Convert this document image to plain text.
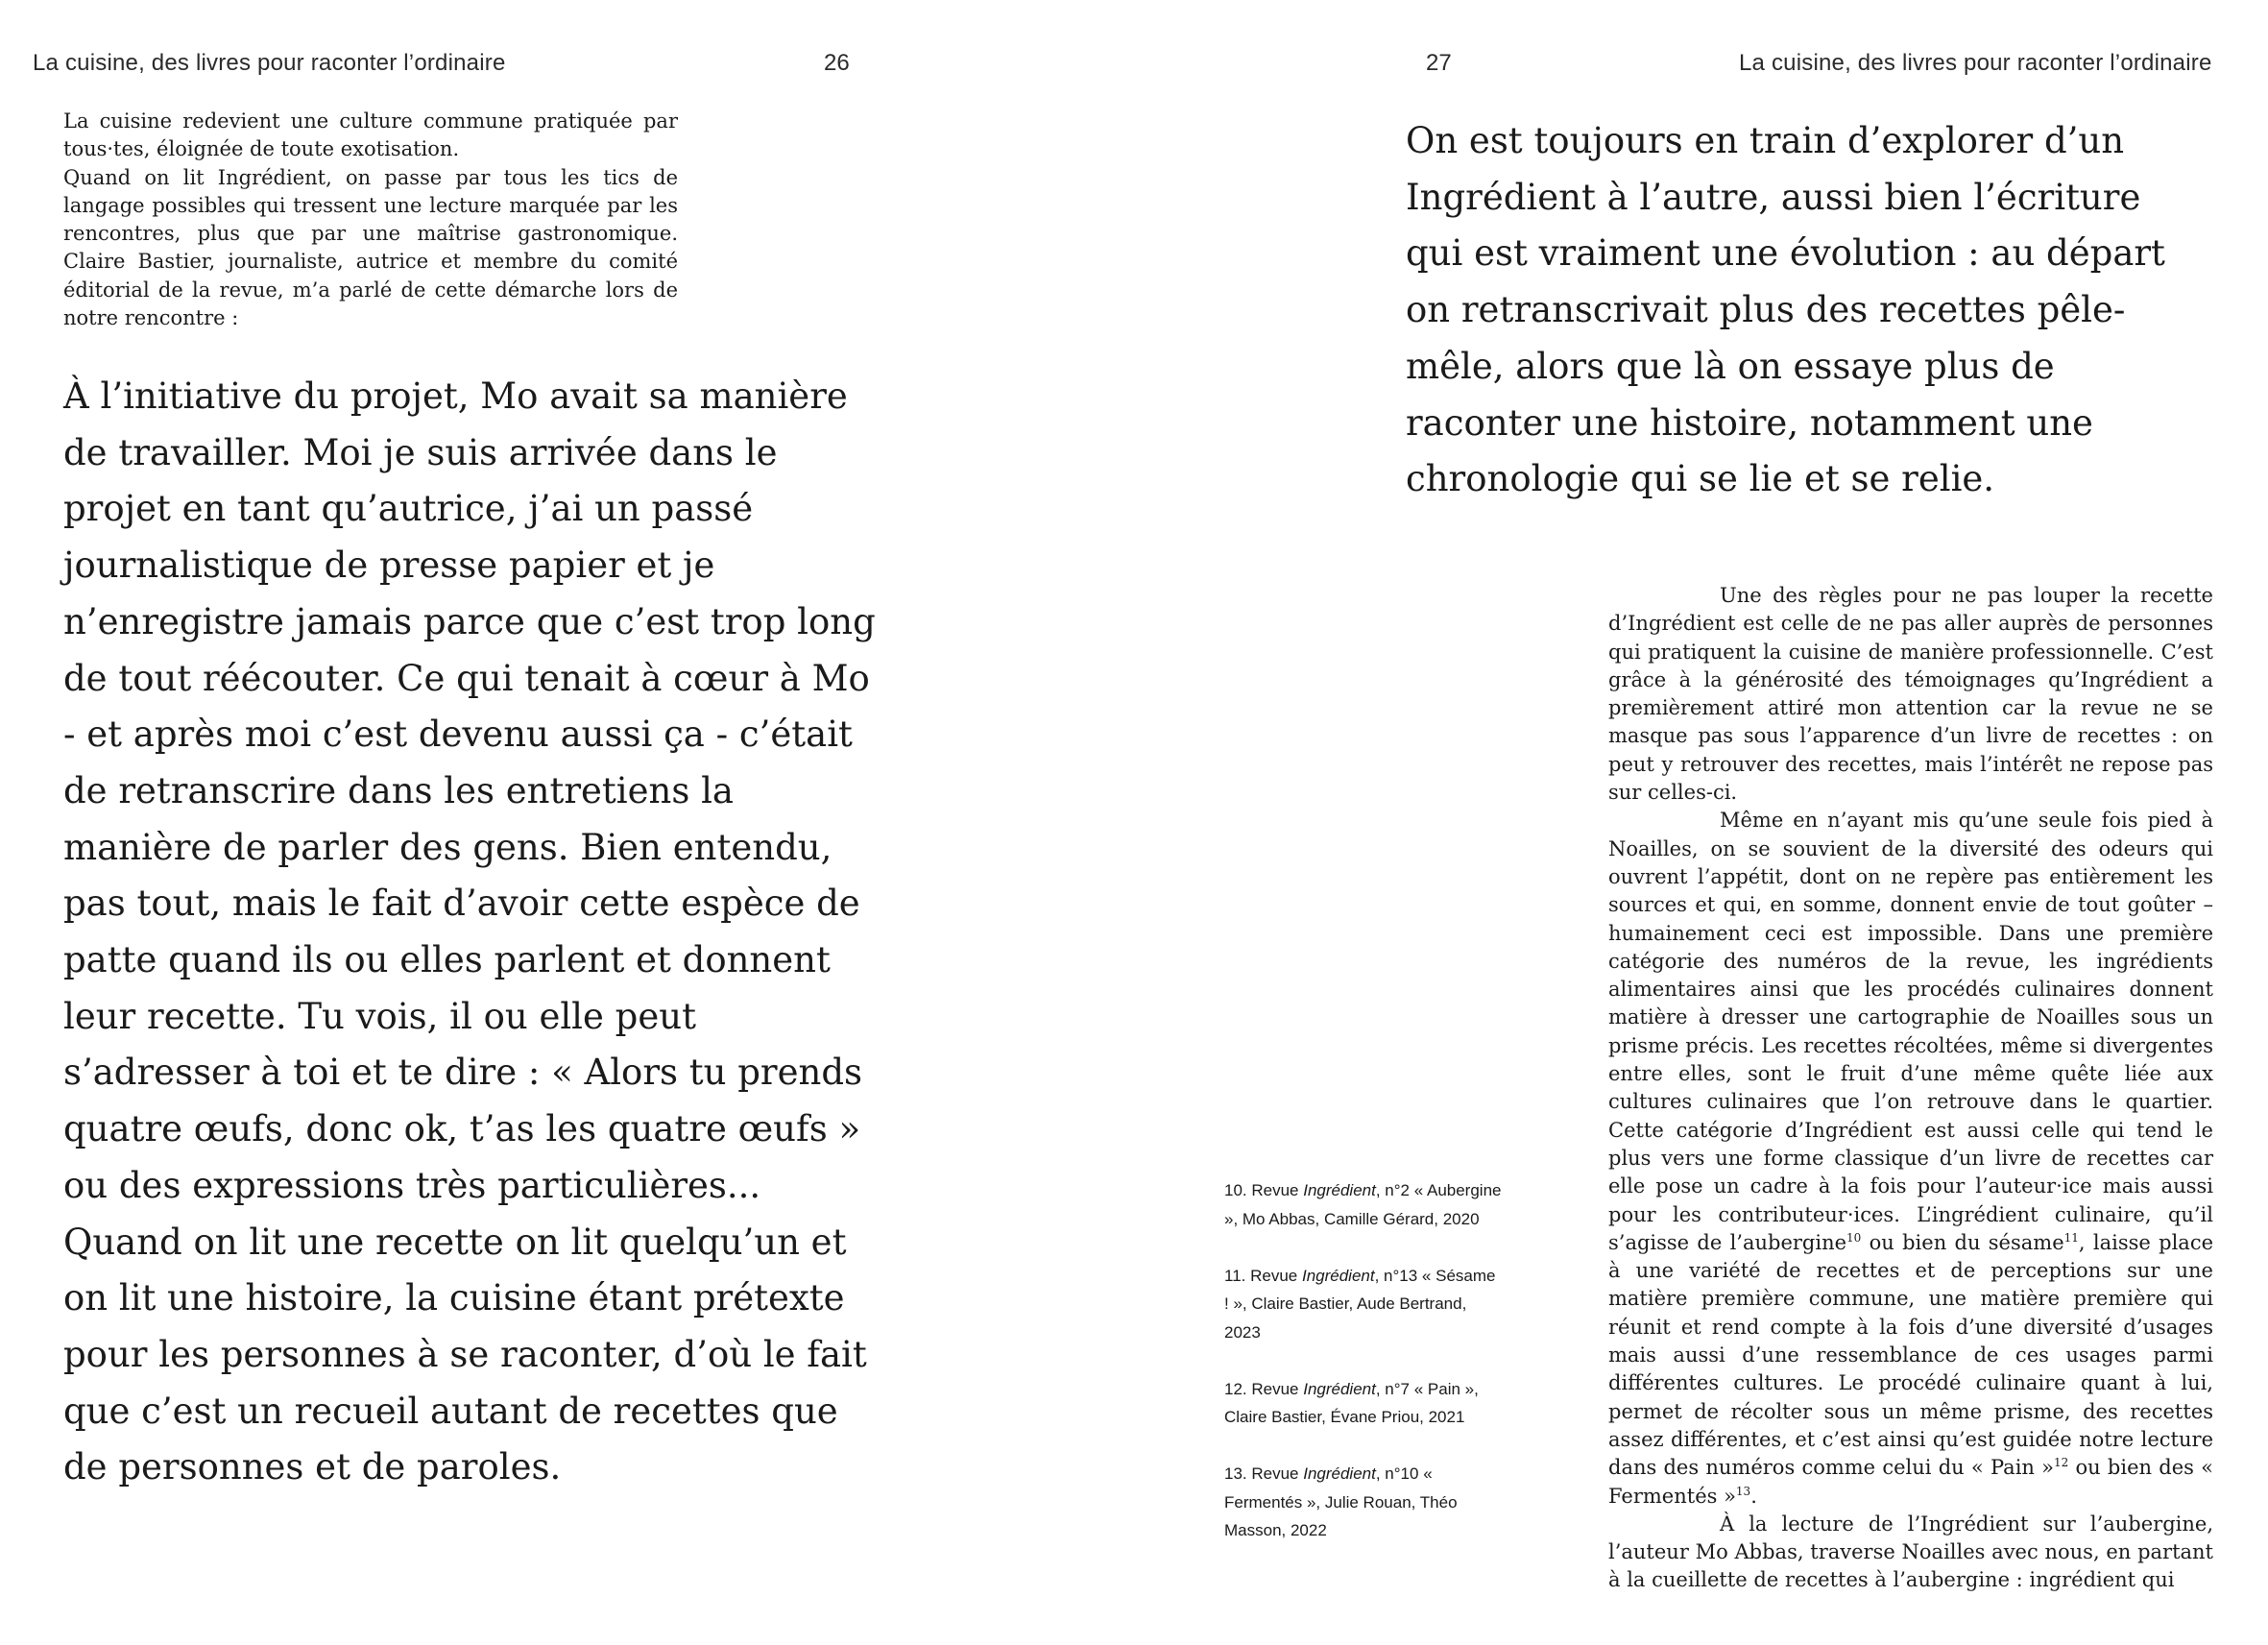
La cuisine, des livres pour raconter l’ordinaire	26

La cuisine redevient une culture commune pratiquée par tous·tes, éloignée de toute exotisation.

Quand on lit Ingrédient, on passe par tous les tics de langage possibles qui tressent une lecture marquée par les rencontres, plus que par une maîtrise gastronomique. Claire Bastier, journaliste, autrice et membre du comité éditorial de la revue, m’a parlé de cette démarche lors de notre rencontre :

À l’initiative du projet, Mo avait sa manière de travailler. Moi je suis arrivée dans le projet en tant qu’autrice, j’ai un passé journalistique de presse papier et je n’enregistre jamais parce que c’est trop long de tout réécouter. Ce qui tenait à cœur à Mo - et après moi c’est devenu aussi ça - c’était de retranscrire dans les entretiens la manière de parler des gens. Bien entendu, pas tout, mais le fait d’avoir cette espèce de patte quand ils ou elles parlent et donnent leur recette. Tu vois, il ou elle peut s’adresser à toi et te dire : « Alors tu prends quatre œufs, donc ok, t’as les quatre œufs » ou des expressions très particulières... Quand on lit une recette on lit quelqu’un et on lit une histoire, la cuisine étant prétexte pour les personnes à se raconter, d’où le fait que c’est un recueil autant de recettes que de personnes et de paroles.

27	La cuisine, des livres pour raconter l’ordinaire

On est toujours en train d’explorer d’un Ingrédient à l’autre, aussi bien l’écriture qui est vraiment une évolution : au départ on retranscrivait plus des recettes pêle-mêle, alors que là on essaye plus de raconter une histoire, notamment une chronologie qui se lie et se relie.

10. Revue Ingrédient, n°2 « Aubergine », Mo Abbas, Camille Gérard, 2020

11. Revue Ingrédient, n°13 « Sésame ! », Claire Bastier, Aude Bertrand, 2023

12. Revue Ingrédient, n°7 « Pain », Claire Bastier, Évane Priou, 2021

13. Revue Ingrédient, n°10 « Fermentés », Julie Rouan, Théo Masson, 2022

Une des règles pour ne pas louper la recette d’Ingrédient est celle de ne pas aller auprès de personnes qui pratiquent la cuisine de manière professionnelle. C’est grâce à la générosité des témoignages qu’Ingrédient a premièrement attiré mon attention car la revue ne se masque pas sous l’apparence d’un livre de recettes : on peut y retrouver des recettes, mais l’intérêt ne repose pas sur celles-ci.

Même en n’ayant mis qu’une seule fois pied à Noailles, on se souvient de la diversité des odeurs qui ouvrent l’appétit, dont on ne repère pas entièrement les sources et qui, en somme, donnent envie de tout goûter – humainement ceci est impossible. Dans une première catégorie des numéros de la revue, les ingrédients alimentaires ainsi que les procédés culinaires donnent matière à dresser une cartographie de Noailles sous un prisme précis. Les recettes récoltées, même si divergentes entre elles, sont le fruit d’une même quête liée aux cultures culinaires que l’on retrouve dans le quartier. Cette catégorie d’Ingrédient est aussi celle qui tend le plus vers une forme classique d’un livre de recettes car elle pose un cadre à la fois pour l’auteur·ice mais aussi pour les contributeur·ices. L’ingrédient culinaire, qu’il s’agisse de l’aubergine$^{10}$ ou bien du sésame$^{11}$, laisse place à une variété de recettes et de perceptions sur une matière première commune, une matière première qui réunit et rend compte à la fois d’une diversité d’usages mais aussi d’une ressemblance de ces usages parmi différentes cultures. Le procédé culinaire quant à lui, permet de récolter sous un même prisme, des recettes assez différentes, et c’est ainsi qu’est guidée notre lecture dans des numéros comme celui du « Pain »$^{12}$ ou bien des « Fermentés »$^{13}$.

À la lecture de l’Ingrédient sur l’aubergine, l’auteur Mo Abbas, traverse Noailles avec nous, en partant à la cueillette de recettes à l’aubergine : ingrédient qui
